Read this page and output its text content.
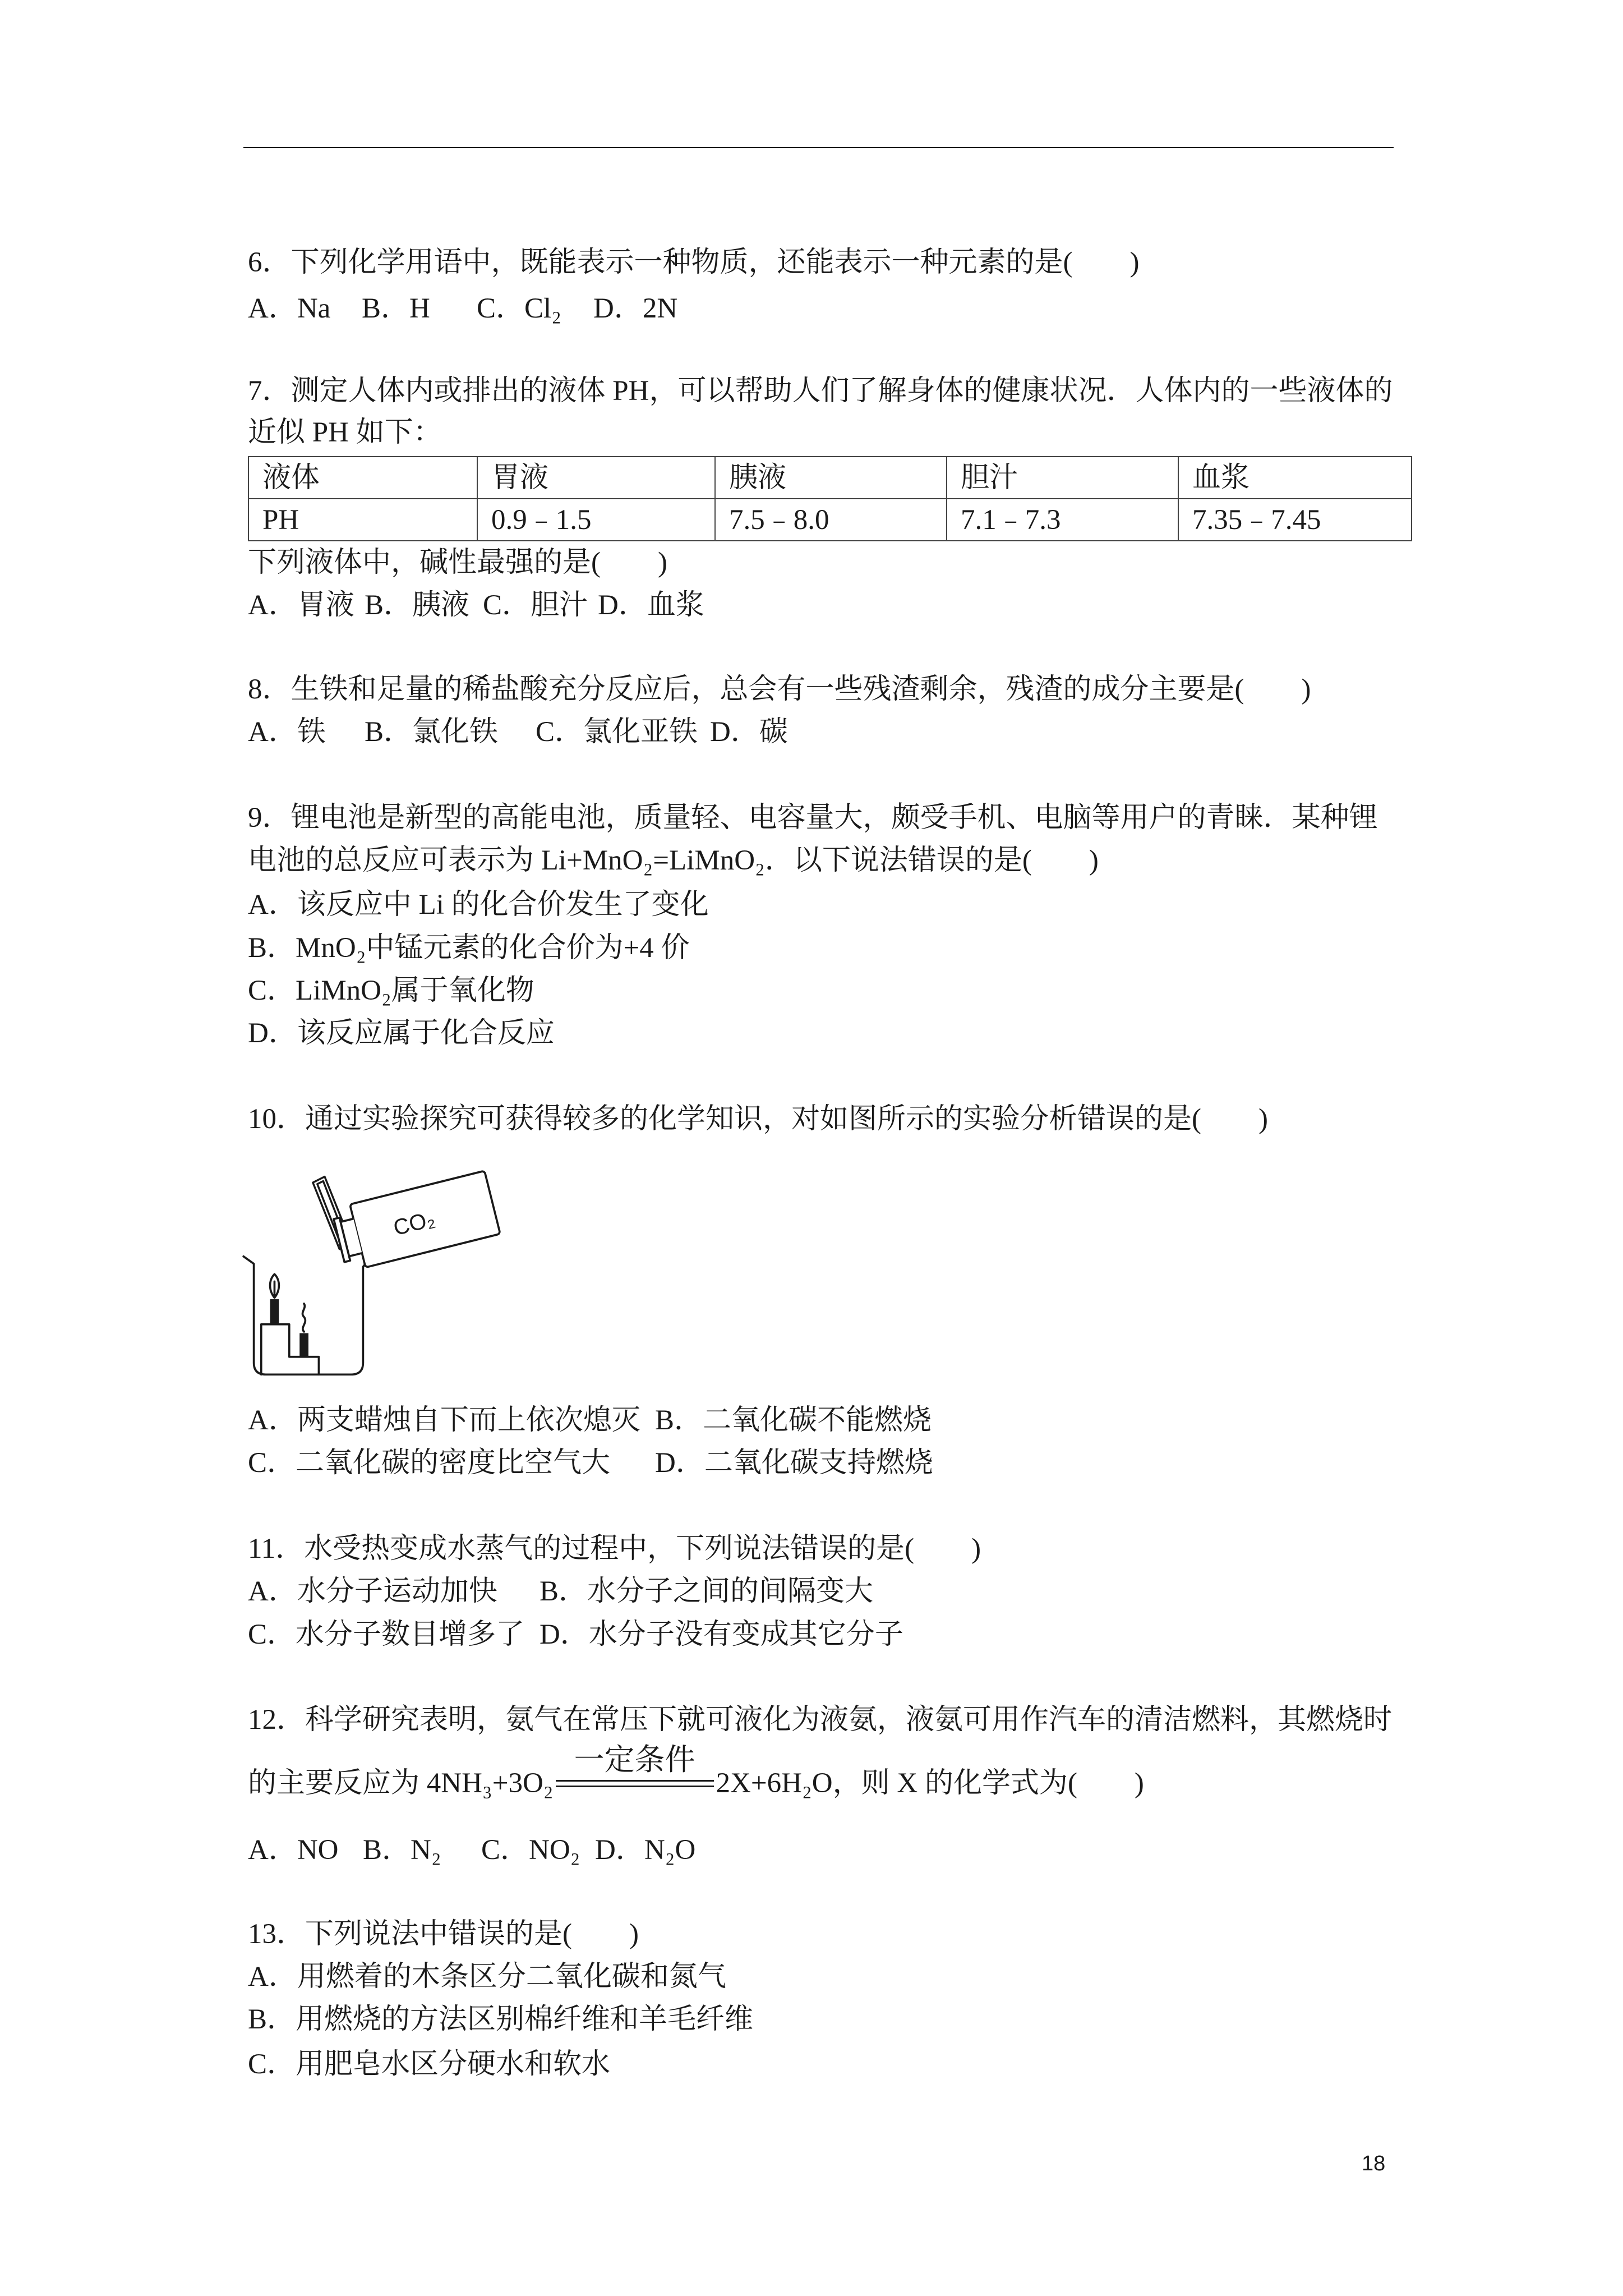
6．下列化学用语中，既能表示一种物质，还能表示一种元素的是(　　)
A．Na B．H C．Cl₂ D．2N
7．测定人体内或排出的液体 PH，可以帮助人们了解身体的健康状况．人体内的一些液体的
近似 PH 如下：
液体	胃液	胰液	胆汁	血浆
PH	0.9﹣1.5	7.5﹣8.0	7.1﹣7.3	7.35﹣7.45
下列液体中，碱性最强的是(　　)
A．胃液 B．胰液 C．胆汁 D．血浆
8．生铁和足量的稀盐酸充分反应后，总会有一些残渣剩余，残渣的成分主要是(　　)
A．铁 B．氯化铁 C．氯化亚铁 D．碳
9．锂电池是新型的高能电池，质量轻、电容量大，颇受手机、电脑等用户的青睐．某种锂
电池的总反应可表示为 Li+MnO₂=LiMnO₂．以下说法错误的是(　　)
A．该反应中 Li 的化合价发生了变化
B．MnO₂中锰元素的化合价为+4 价
C．LiMnO₂属于氧化物
D．该反应属于化合反应
10．通过实验探究可获得较多的化学知识，对如图所示的实验分析错误的是(　　)
CO₂
A．两支蜡烛自下而上依次熄灭 B．二氧化碳不能燃烧
C．二氧化碳的密度比空气大 D．二氧化碳支持燃烧
11．水受热变成水蒸气的过程中，下列说法错误的是(　　)
A．水分子运动加快 B．水分子之间的间隔变大
C．水分子数目增多了 D．水分子没有变成其它分子
12．科学研究表明，氨气在常压下就可液化为液氨，液氨可用作汽车的清洁燃料，其燃烧时
的主要反应为 4NH₃+3O₂
一定条件
2X+6H₂O，则 X 的化学式为(　　)
A．NO B．N₂ C．NO₂ D．N₂O
13．下列说法中错误的是(　　)
A．用燃着的木条区分二氧化碳和氮气
B．用燃烧的方法区别棉纤维和羊毛纤维
C．用肥皂水区分硬水和软水
18
